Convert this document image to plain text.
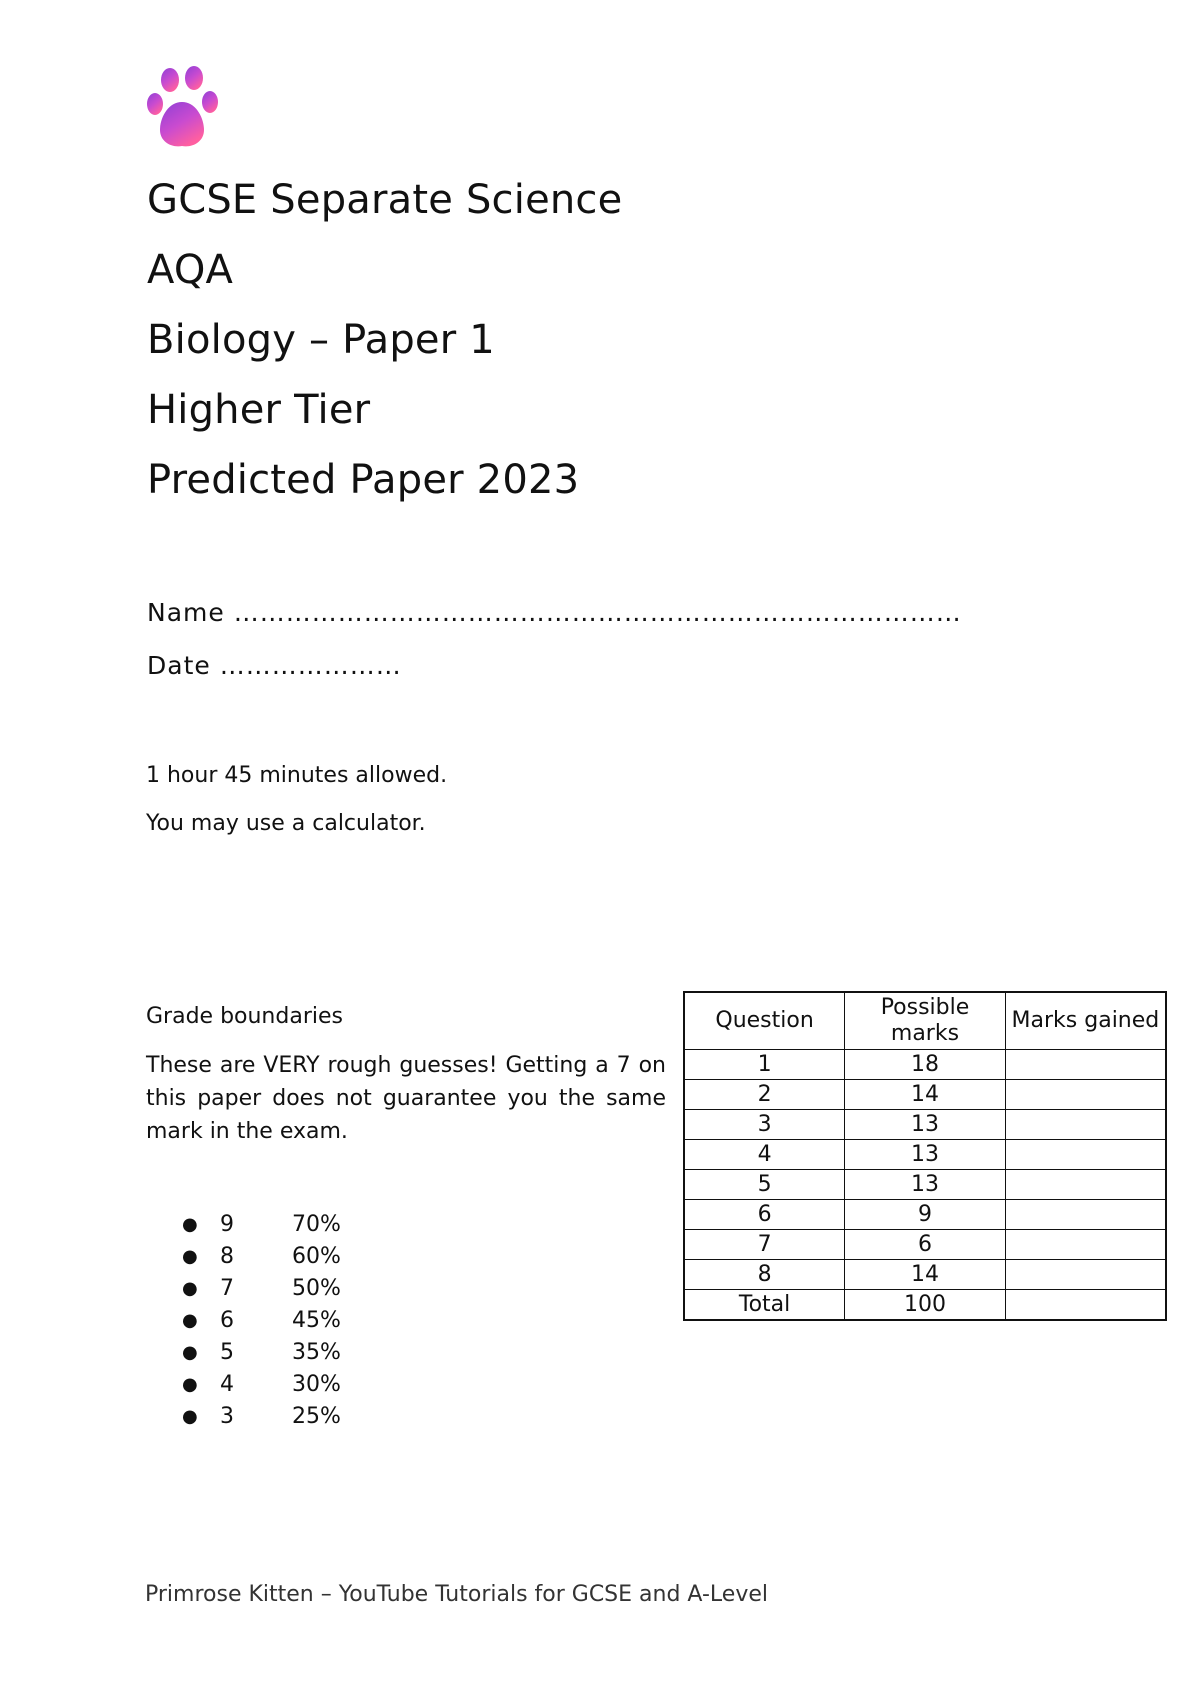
GCSE Separate Science
AQA
Biology – Paper 1
Higher Tier
Predicted Paper 2023
Name …………………………………………………………………………
Date …………………
1 hour 45 minutes allowed.
You may use a calculator.
Grade boundaries
These are VERY rough guesses! Getting a 7 on this paper does not guarantee you the same mark in the exam.
● 9	70%
● 8	60%
● 7	50%
● 6	45%
● 5	35%
● 4	30%
● 3	25%
Question	Possible marks	Marks gained
1	18	
2	14	
3	13	
4	13	
5	13	
6	9	
7	6	
8	14	
Total	100	
Primrose Kitten – YouTube Tutorials for GCSE and A-Level
